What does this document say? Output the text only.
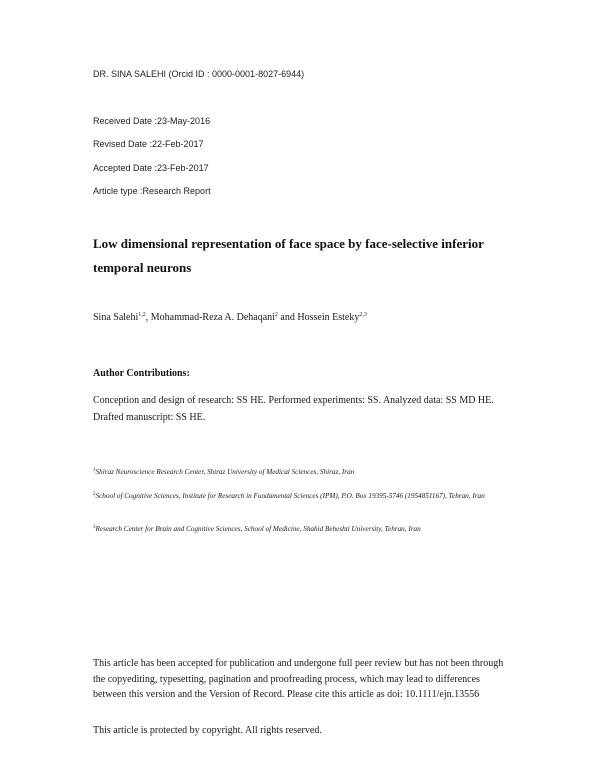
DR. SINA SALEHI (Orcid ID : 0000-0001-8027-6944)
Received Date :23-May-2016
Revised Date :22-Feb-2017
Accepted Date :23-Feb-2017
Article type :Research Report
Low dimensional representation of face space by face-selective inferior temporal neurons
Sina Salehi$^{1,2}$, Mohammad-Reza A. Dehaqani$^2$ and Hossein Esteky$^{2,3}$
Author Contributions:
Conception and design of research: SS HE. Performed experiments: SS. Analyzed data: SS MD HE. Drafted manuscript: SS HE.
$^1$Shiraz Neuroscience Research Center, Shiraz University of Medical Sciences, Shiraz, Iran
$^2$School of Cognitive Sciences, Institute for Research in Fundamental Sciences (IPM), P.O. Box 19395-5746 (1954851167), Tehran, Iran
$^3$Research Center for Brain and Cognitive Sciences, School of Medicine, Shahid Beheshti University, Tehran, Iran
This article has been accepted for publication and undergone full peer review but has not been through the copyediting, typesetting, pagination and proofreading process, which may lead to differences between this version and the Version of Record. Please cite this article as doi: 10.1111/ejn.13556
This article is protected by copyright. All rights reserved.
